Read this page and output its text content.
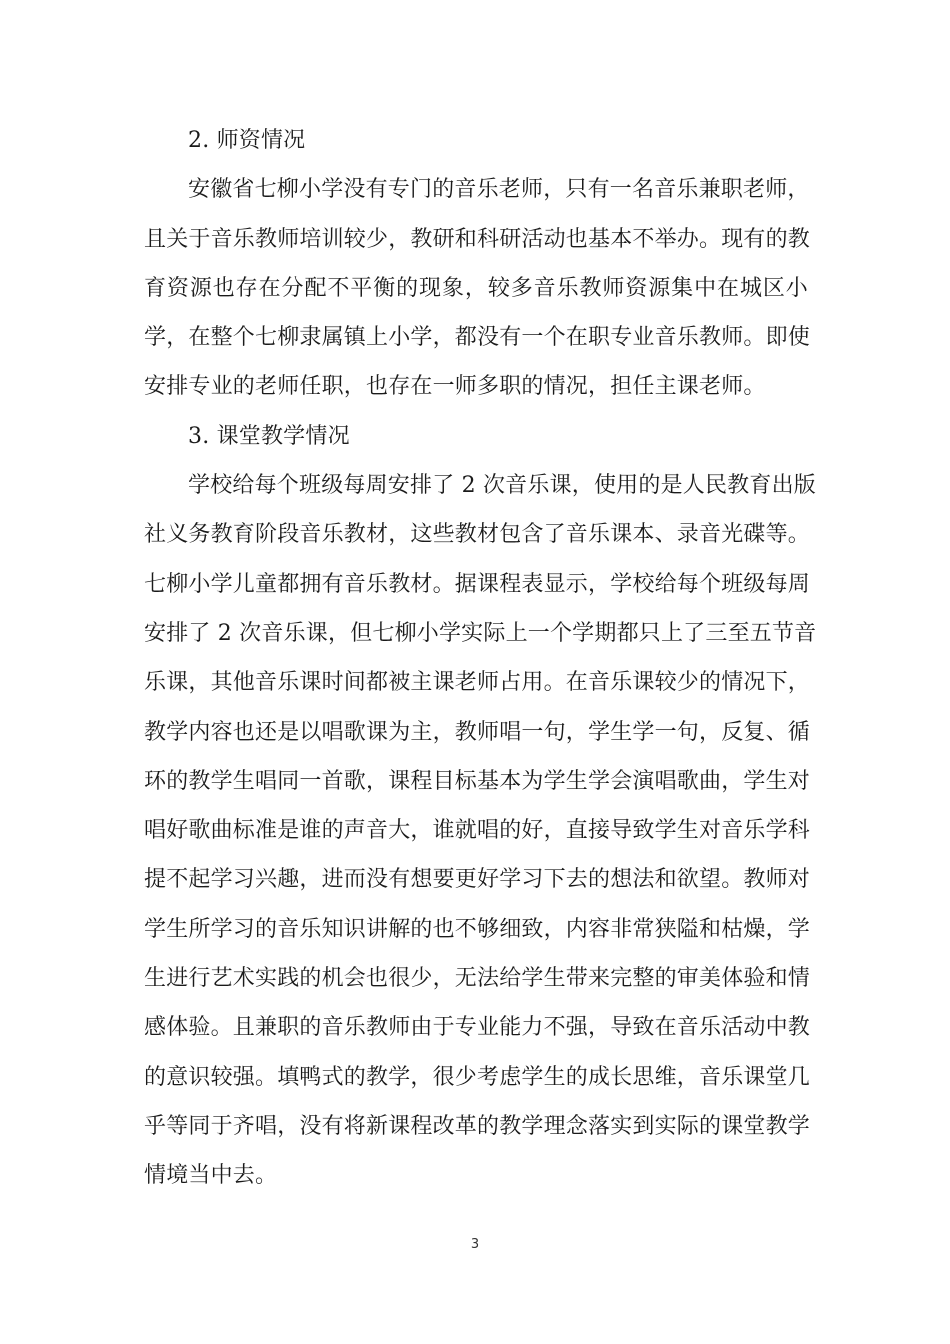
2. 师资情况
安徽省七柳小学没有专门的音乐老师，只有一名音乐兼职老师，
且关于音乐教师培训较少，教研和科研活动也基本不举办。现有的教
育资源也存在分配不平衡的现象，较多音乐教师资源集中在城区小
学，在整个七柳隶属镇上小学，都没有一个在职专业音乐教师。即使
安排专业的老师任职，也存在一师多职的情况，担任主课老师。
3. 课堂教学情况
学校给每个班级每周安排了 2 次音乐课，使用的是人民教育出版
社义务教育阶段音乐教材，这些教材包含了音乐课本、录音光碟等。
七柳小学儿童都拥有音乐教材。据课程表显示，学校给每个班级每周
安排了 2 次音乐课，但七柳小学实际上一个学期都只上了三至五节音
乐课，其他音乐课时间都被主课老师占用。在音乐课较少的情况下，
教学内容也还是以唱歌课为主，教师唱一句，学生学一句，反复、循
环的教学生唱同一首歌，课程目标基本为学生学会演唱歌曲，学生对
唱好歌曲标准是谁的声音大，谁就唱的好，直接导致学生对音乐学科
提不起学习兴趣，进而没有想要更好学习下去的想法和欲望。教师对
学生所学习的音乐知识讲解的也不够细致，内容非常狭隘和枯燥，学
生进行艺术实践的机会也很少，无法给学生带来完整的审美体验和情
感体验。且兼职的音乐教师由于专业能力不强，导致在音乐活动中教
的意识较强。填鸭式的教学，很少考虑学生的成长思维，音乐课堂几
乎等同于齐唱，没有将新课程改革的教学理念落实到实际的课堂教学
情境当中去。
3
